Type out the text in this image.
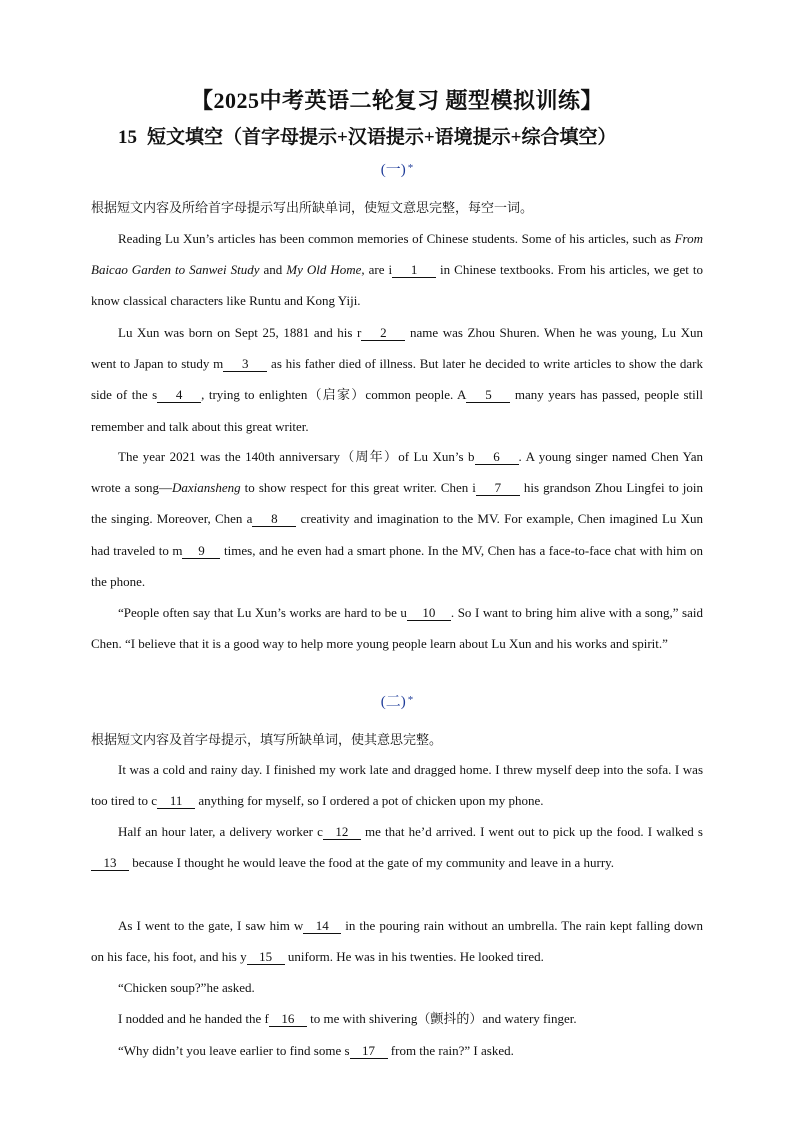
【2025中考英语二轮复习 题型模拟训练】
15 短文填空（首字母提示+汉语提示+语境提示+综合填空）
(一) *
根据短文内容及所给首字母提示写出所缺单词，使短文意思完整，每空一词。
Reading Lu Xun’s articles has been common memories of Chinese students. Some of his articles, such as From Baicao Garden to Sanwei Study and My Old Home, are i 1 in Chinese textbooks. From his articles, we get to know classical characters like Runtu and Kong Yiji.
Lu Xun was born on Sept 25, 1881 and his r 2 name was Zhou Shuren. When he was young, Lu Xun went to Japan to study m 3 as his father died of illness. But later he decided to write articles to show the dark side of the s 4 , trying to enlighten（启家）common people. A 5 many years has passed, people still remember and talk about this great writer.
The year 2021 was the 140th anniversary（周年）of Lu Xun’s b 6 . A young singer named Chen Yan wrote a song—Daxiansheng to show respect for this great writer. Chen i 7 his grandson Zhou Lingfei to join the singing. Moreover, Chen a 8 creativity and imagination to the MV. For example, Chen imagined Lu Xun had traveled to m 9 times, and he even had a smart phone. In the MV, Chen has a face-to-face chat with him on the phone.
“People often say that Lu Xun’s works are hard to be u 10 . So I want to bring him alive with a song,” said Chen. “I believe that it is a good way to help more young people learn about Lu Xun and his works and spirit.”
(二) *
根据短文内容及首字母提示，填写所缺单词，使其意思完整。
It was a cold and rainy day. I finished my work late and dragged home. I threw myself deep into the sofa. I was too tired to c 11 anything for myself, so I ordered a pot of chicken upon my phone.
Half an hour later, a delivery worker c 12 me that he’d arrived. I went out to pick up the food. I walked s13 because I thought he would leave the food at the gate of my community and leave in a hurry.
As I went to the gate, I saw him w 14 in the pouring rain without an umbrella. The rain kept falling down on his face, his foot, and his y 15 uniform. He was in his twenties. He looked tired.
“Chicken soup?”he asked.
I nodded and he handed the f 16 to me with shivering（颤抖的）and watery finger.
“Why didn’t you leave earlier to find some s 17 from the rain?” I asked.
